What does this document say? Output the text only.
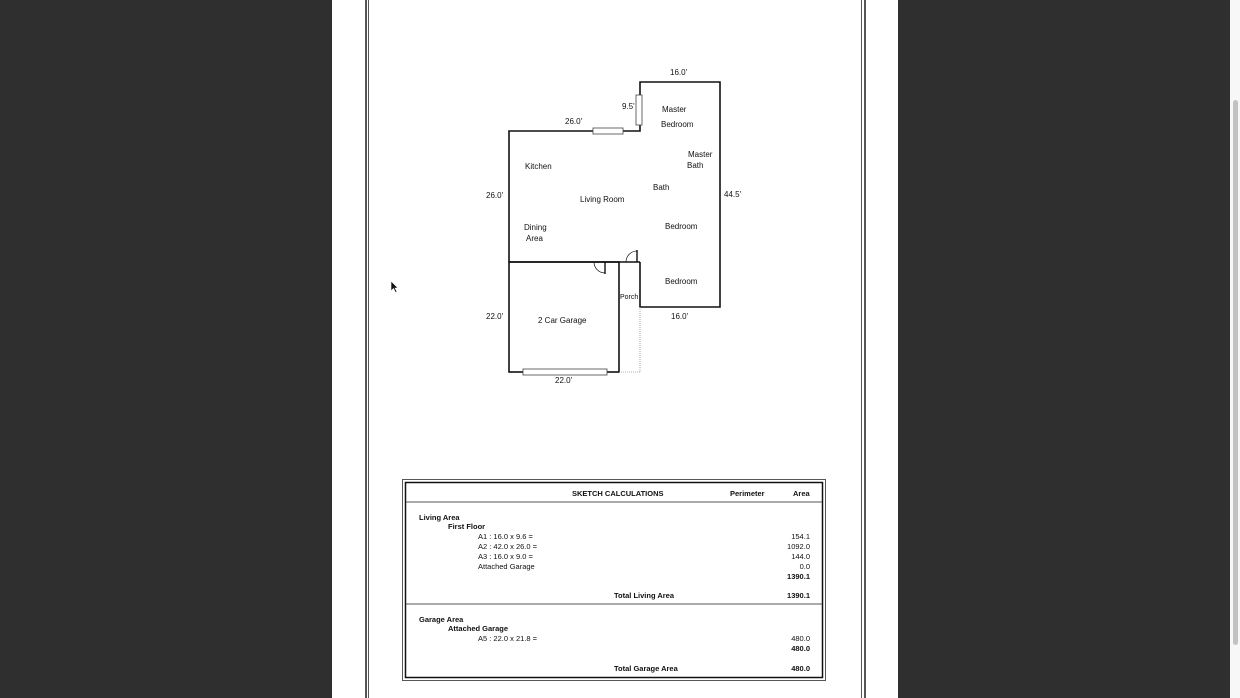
16.0'
9.5'
26.0'
26.0'	44.5'
16.0'
22.0'
22.0'
Master
Bedroom
Master
Bath
Kitchen
Living Room
Bath
Dining
Area
Bedroom
Bedroom
Porch
2 Car Garage
SKETCH CALCULATIONS	Perimeter	Area
Living Area
First Floor
A1 : 16.0 x 9.6 =	154.1
A2 : 42.0 x 26.0 =	1092.0
A3 : 16.0 x 9.0 =	144.0
Attached Garage	0.0
1390.1
Total Living Area	1390.1
Garage Area
Attached Garage
A5 : 22.0 x 21.8 =	480.0
480.0
Total Garage Area	480.0
